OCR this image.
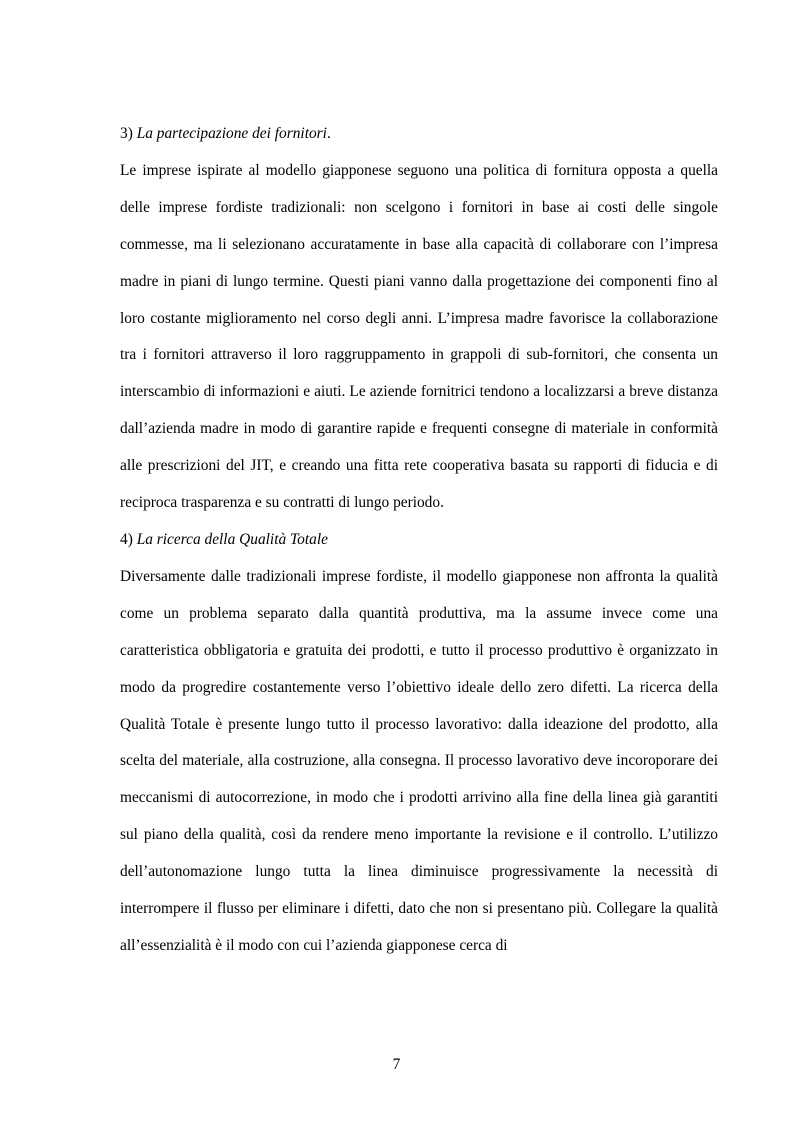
3) La partecipazione dei fornitori.

Le imprese ispirate al modello giapponese seguono una politica di fornitura opposta a quella delle imprese fordiste tradizionali: non scelgono i fornitori in base ai costi delle singole commesse, ma li selezionano accuratamente in base alla capacità di collaborare con l’impresa madre in piani di lungo termine. Questi piani vanno dalla progettazione dei componenti fino al loro costante miglioramento nel corso degli anni. L’impresa madre favorisce la collaborazione tra i fornitori attraverso il loro raggruppamento in grappoli di sub-fornitori, che consenta un interscambio di informazioni e aiuti. Le aziende fornitrici tendono a localizzarsi a breve distanza dall’azienda madre in modo di garantire rapide e frequenti consegne di materiale in conformità alle prescrizioni del JIT, e creando una fitta rete cooperativa basata su rapporti di fiducia e di reciproca trasparenza e su contratti di lungo periodo.

4) La ricerca della Qualità Totale

Diversamente dalle tradizionali imprese fordiste, il modello giapponese non affronta la qualità come un problema separato dalla quantità produttiva, ma la assume invece come una caratteristica obbligatoria e gratuita dei prodotti, e tutto il processo produttivo è organizzato in modo da progredire costantemente verso l’obiettivo ideale dello zero difetti. La ricerca della Qualità Totale è presente lungo tutto il processo lavorativo: dalla ideazione del prodotto, alla scelta del materiale, alla costruzione, alla consegna. Il processo lavorativo deve incoroporare dei meccanismi di autocorrezione, in modo che i prodotti arrivino alla fine della linea già garantiti sul piano della qualità, così da rendere meno importante la revisione e il controllo. L’utilizzo dell’autonomazione lungo tutta la linea diminuisce progressivamente la necessità di interrompere il flusso per eliminare i difetti, dato che non si presentano più. Collegare la qualità all’essenzialità è il modo con cui l’azienda giapponese cerca di

7
